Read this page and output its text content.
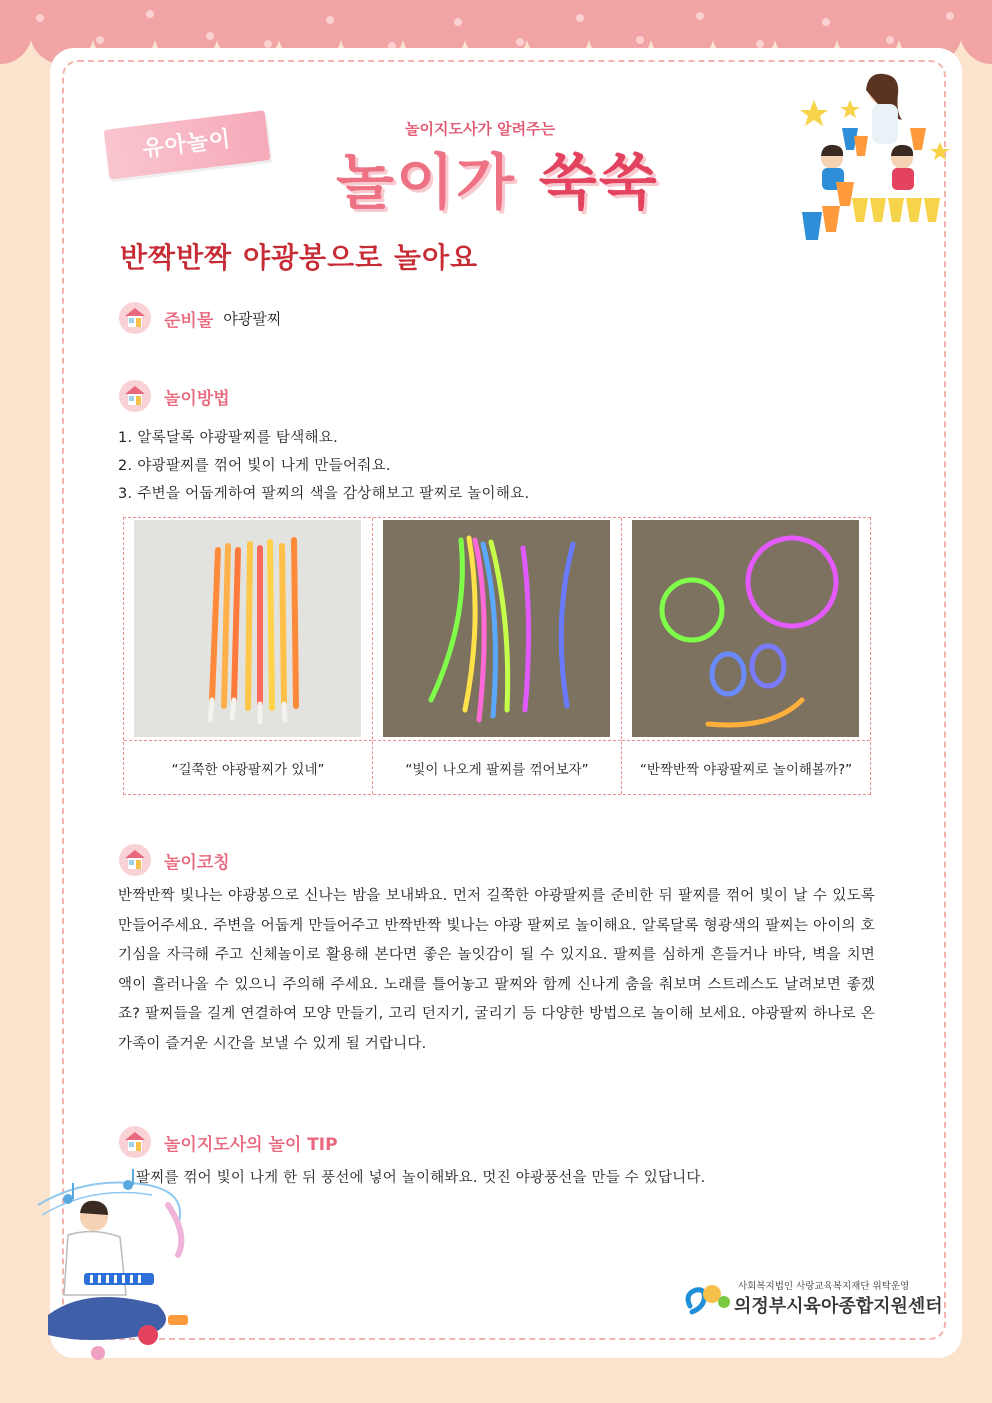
유아놀이	놀이지도사가 알려주는
놀이가 쑥쑥
반짝반짝 야광봉으로 놀아요
준비물 야광팔찌
놀이방법
1. 알록달록 야광팔찌를 탐색해요.
2. 야광팔찌를 꺾어 빛이 나게 만들어줘요.
3. 주변을 어둡게하여 팔찌의 색을 감상해보고 팔찌로 놀이해요.
“길쭉한 야광팔찌가 있네”	“빛이 나오게 팔찌를 꺾어보자”	“반짝반짝 야광팔찌로 놀이해볼까?”
놀이코칭
반짝반짝 빛나는 야광봉으로 신나는 밤을 보내봐요. 먼저 길쭉한 야광팔찌를 준비한 뒤 팔찌를 꺾어 빛이 날 수 있도록 만들어주세요. 주변을 어둡게 만들어주고 반짝반짝 빛나는 야광 팔찌로 놀이해요. 알록달록 형광색의 팔찌는 아이의 호기심을 자극해 주고 신체놀이로 활용해 본다면 좋은 놀잇감이 될 수 있지요. 팔찌를 심하게 흔들거나 바닥, 벽을 치면 액이 흘러나올 수 있으니 주의해 주세요. 노래를 틀어놓고 팔찌와 함께 신나게 춤을 춰보며 스트레스도 날려보면 좋겠죠? 팔찌들을 길게 연결하여 모양 만들기, 고리 던지기, 굴리기 등 다양한 방법으로 놀이해 보세요. 야광팔찌 하나로 온 가족이 즐거운 시간을 보낼 수 있게 될 거랍니다.
놀이지도사의 놀이 TIP
팔찌를 꺾어 빛이 나게 한 뒤 풍선에 넣어 놀이해봐요. 멋진 야광풍선을 만들 수 있답니다.
사회복지법인 사랑교육복지재단 위탁운영
의정부시육아종합지원센터
